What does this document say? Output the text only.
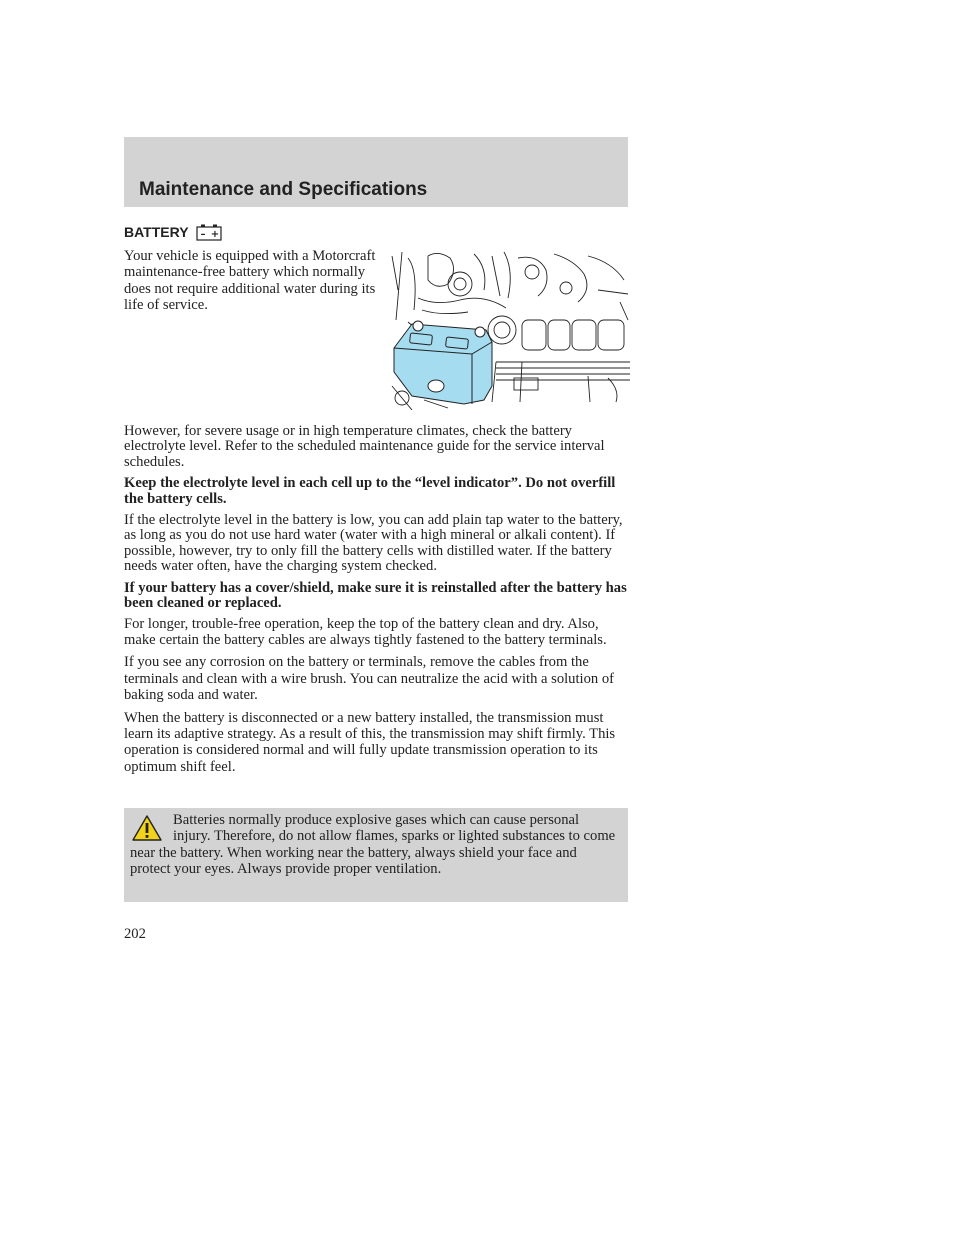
Maintenance and Specifications
BATTERY – +
Your vehicle is equipped with a Motorcraft maintenance-free battery which normally does not require additional water during its life of service.

However, for severe usage or in high temperature climates, check the battery electrolyte level. Refer to the scheduled maintenance guide for the service interval schedules.

Keep the electrolyte level in each cell up to the “level indicator”. Do not overfill the battery cells.

If the electrolyte level in the battery is low, you can add plain tap water to the battery, as long as you do not use hard water (water with a high mineral or alkali content). If possible, however, try to only fill the battery cells with distilled water. If the battery needs water often, have the charging system checked.

If your battery has a cover/shield, make sure it is reinstalled after the battery has been cleaned or replaced.

For longer, trouble-free operation, keep the top of the battery clean and dry. Also, make certain the battery cables are always tightly fastened to the battery terminals.

If you see any corrosion on the battery or terminals, remove the cables from the terminals and clean with a wire brush. You can neutralize the acid with a solution of baking soda and water.

When the battery is disconnected or a new battery installed, the transmission must learn its adaptive strategy. As a result of this, the transmission may shift firmly. This operation is considered normal and will fully update transmission operation to its optimum shift feel.

Batteries normally produce explosive gases which can cause personal injury. Therefore, do not allow flames, sparks or lighted substances to come near the battery. When working near the battery, always shield your face and protect your eyes. Always provide proper ventilation.
202
